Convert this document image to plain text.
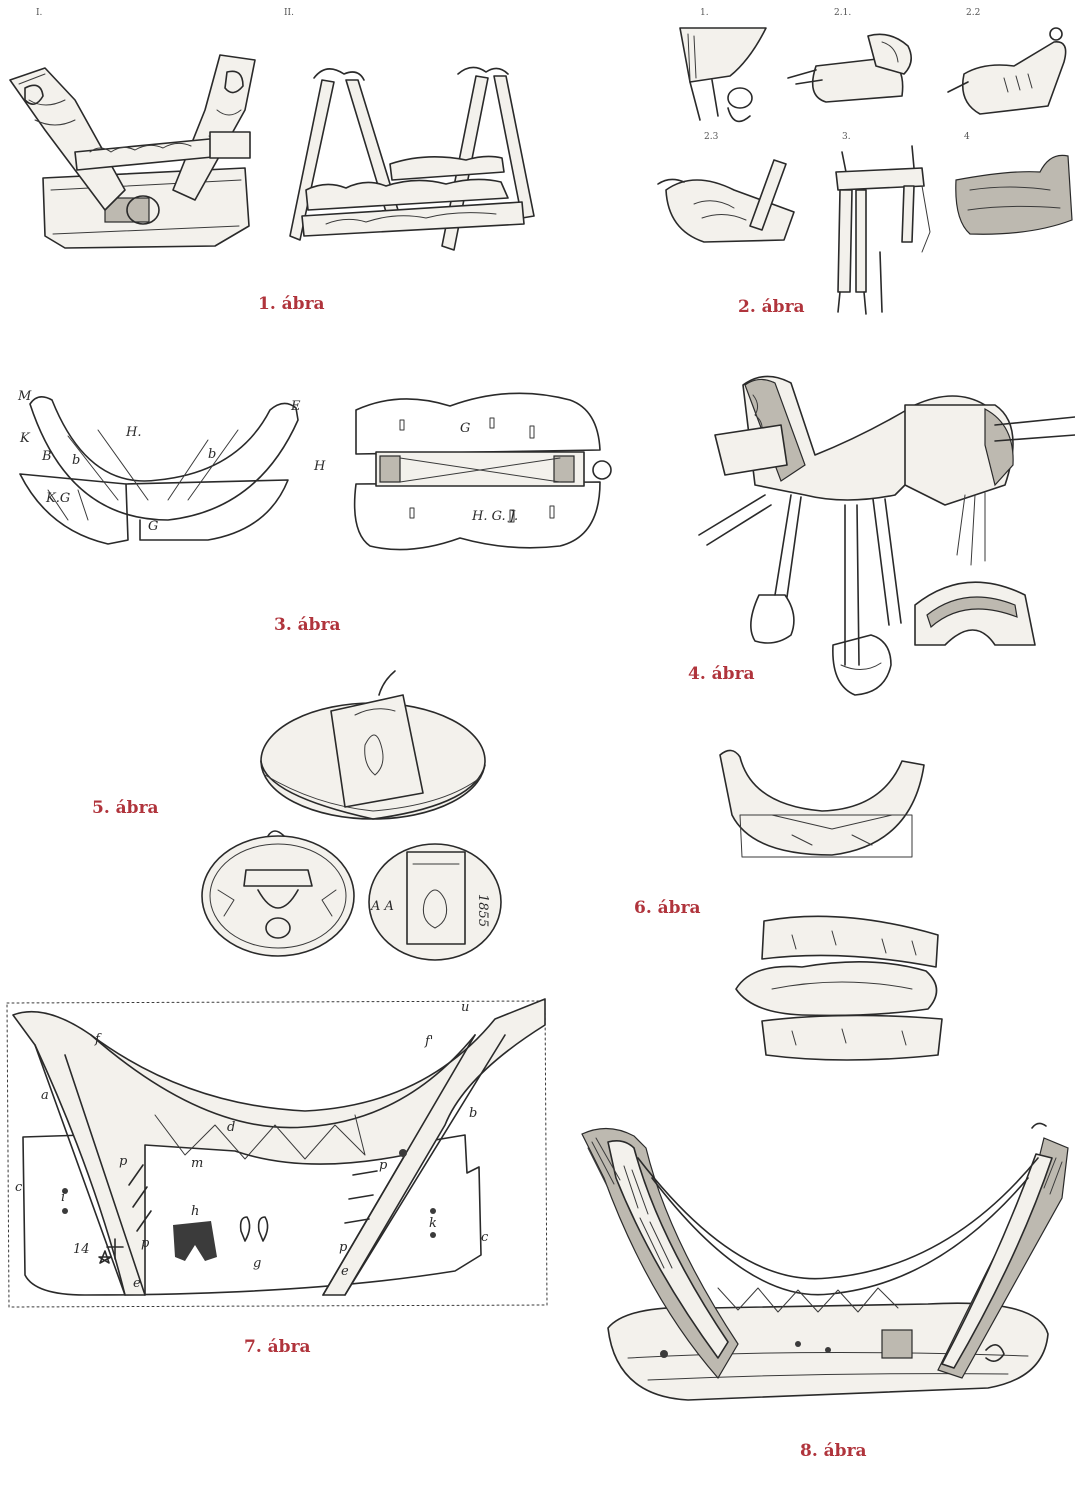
I.	II.
1. ábra
1.	2.1.	2.2
2.3	3.	4
2. ábra
H.
M
E
K
B
K.G
G
b
b	H
H. G. J.
G
3. ábra
4. ábra
5. ábra
A A	1855	6. ábra
a
b
c
c
d
e
e
f	f'
g
h
i
k
m
p
p
p
p
u
14
7. ábra
8. ábra
